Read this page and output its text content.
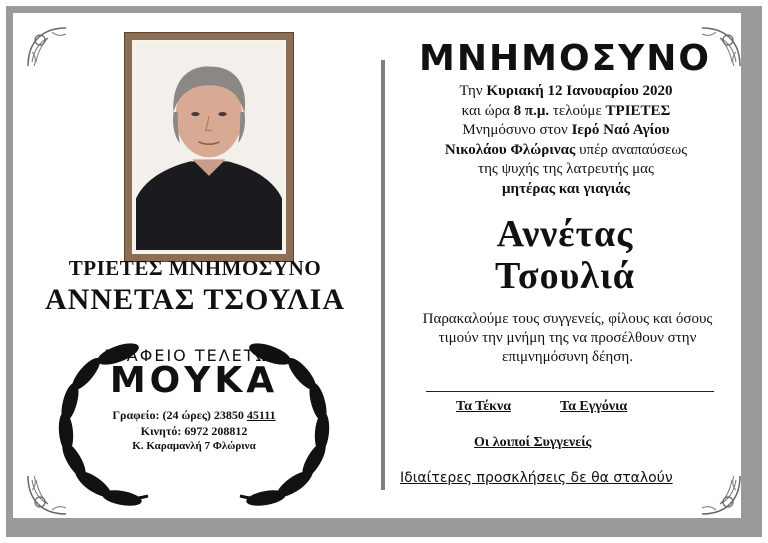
ΤΡΙΕΤΕΣ ΜΝΗΜΟΣΥΝΟ
ΑΝΝΕΤΑΣ ΤΣΟΥΛΙΑ
ΓΡΑΦΕΙΟ ΤΕΛΕΤΩΝ
ΜΟΥΚΑ
Γραφείο: (24 ώρες) 23850 45111
Κινητό: 6972 208812
Κ. Καραμανλή 7 Φλώρινα
ΜΝΗΜΟΣΥΝΟ
Την Κυριακή 12 Ιανουαρίου 2020
και ώρα 8 π.μ. τελούμε ΤΡΙΕΤΕΣ
Μνημόσυνο στον Ιερό Ναό Αγίου
Νικολάου Φλώρινας υπέρ αναπαύσεως
της ψυχής της λατρευτής μας
μητέρας και γιαγιάς
Αννέτας
Τσουλιά
Παρακαλούμε τους συγγενείς, φίλους και όσους τιμούν την μνήμη της να προσέλθουν στην επιμνημόσυνη δέηση.
Τα Τέκνα	Τα Εγγόνια
Οι λοιποί Συγγενείς
Ιδιαίτερες προσκλήσεις δε θα σταλούν
